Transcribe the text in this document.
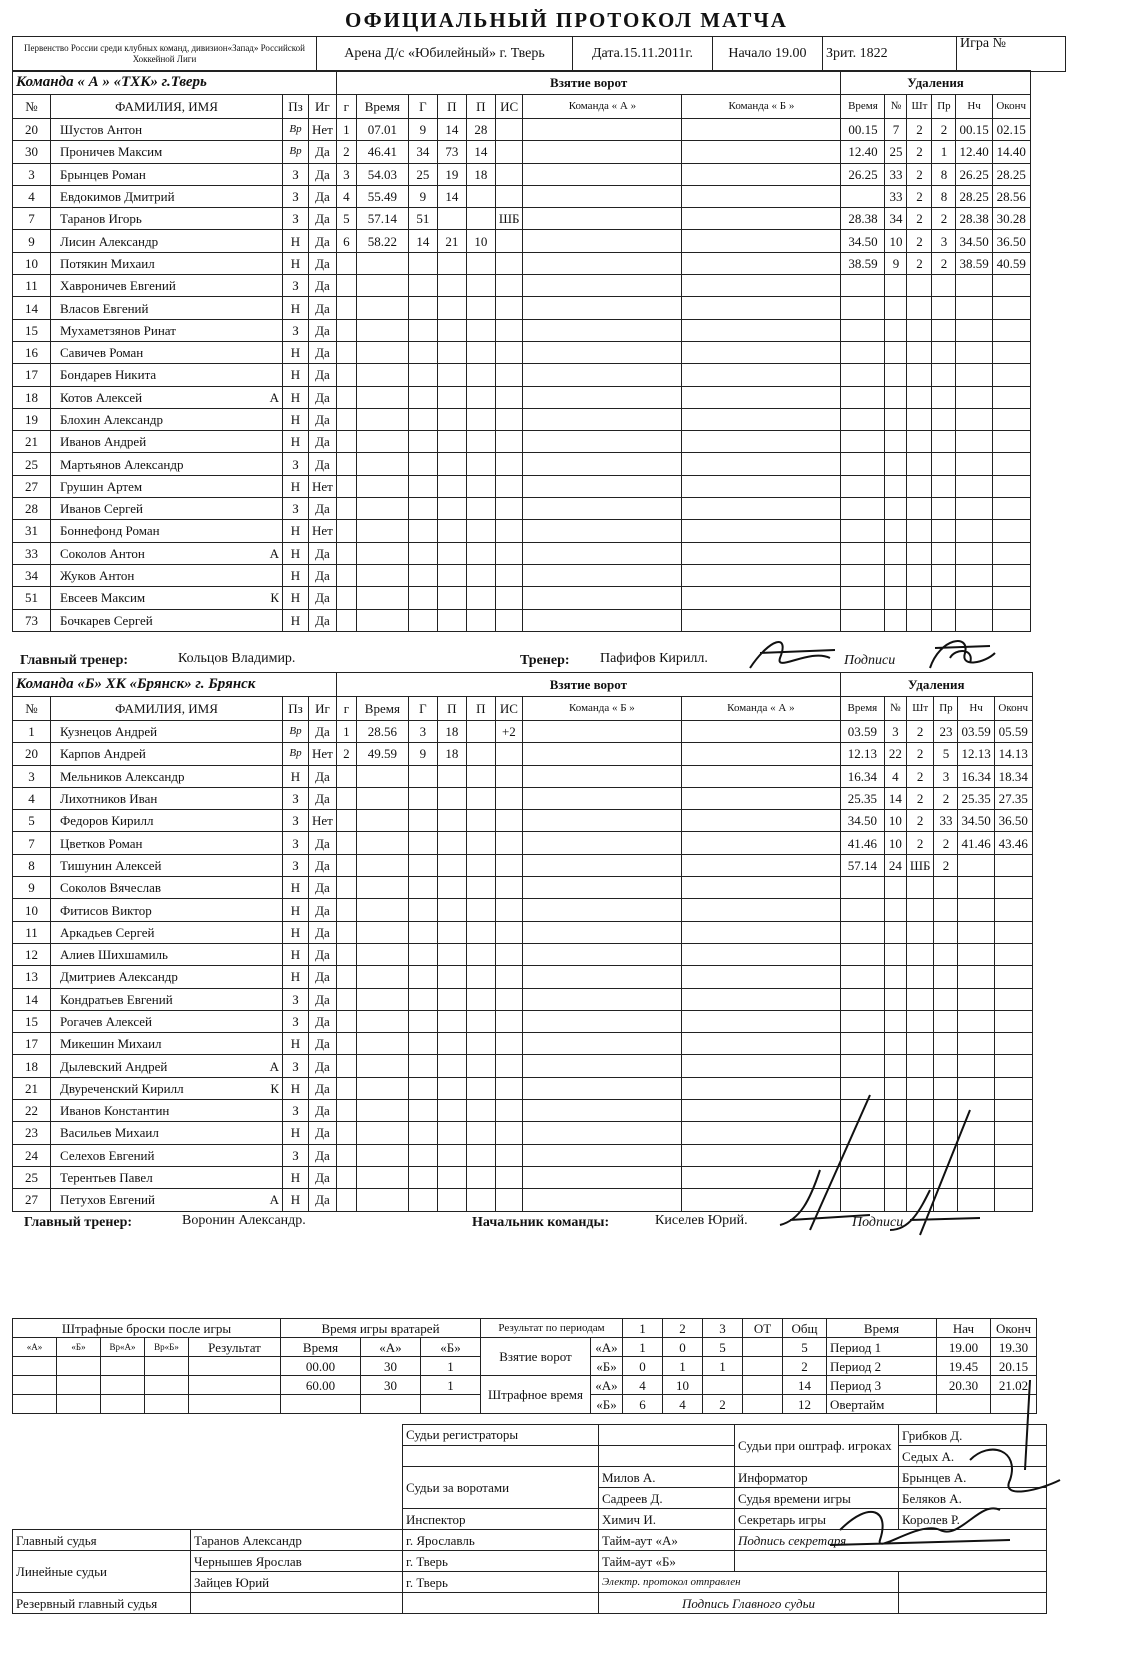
ОФИЦИАЛЬНЫЙ ПРОТОКОЛ МАТЧА
Первенство России среди клубных команд, дивизион«Запад» Российской Хоккейной Лиги	Арена Д/с «Юбилейный» г. Тверь	Дата.15.11.2011г.	Начало 19.00	Зрит. 1822	Игра №
Команда « А » «ТХК» г.Тверь				Взятие ворот								Удаления					
№	ФАМИЛИЯ, ИМЯ	Пз	Иг	г	Время	Г	П	П	ИС	Команда « А »	Команда « Б »	Время	№	Шт	Пр	Нч	Оконч
20	Шустов Антон	Вр	Нет	1	07.01	9	14	28				00.15	7	2	2	00.15	02.15
30	Проничев Максим	Вр	Да	2	46.41	34	73	14				12.40	25	2	1	12.40	14.40
3	Брынцев Роман	З	Да	3	54.03	25	19	18				26.25	33	2	8	26.25	28.25
4	Евдокимов Дмитрий	З	Да	4	55.49	9	14						33	2	8	28.25	28.56
7	Таранов Игорь	З	Да	5	57.14	51			ШБ			28.38	34	2	2	28.38	30.28
9	Лисин Александр	Н	Да	6	58.22	14	21	10				34.50	10	2	3	34.50	36.50
10	Потякин Михаил	Н	Да									38.59	9	2	2	38.59	40.59
11	Хавроничев Евгений	З	Да														
14	Власов Евгений	Н	Да														
15	Мухаметзянов Ринат	З	Да														
16	Савичев Роман	Н	Да														
17	Бондарев Никита	Н	Да														
18	Котов Алексей А	Н	Да														
19	Блохин Александр	Н	Да														
21	Иванов Андрей	Н	Да														
25	Мартьянов Александр	З	Да														
27	Грушин Артем	Н	Нет														
28	Иванов Сергей	З	Да														
31	Боннефонд Роман	Н	Нет														
33	Соколов Антон А	Н	Да														
34	Жуков Антон	Н	Да														
51	Евсеев Максим К	Н	Да														
73	Бочкарев Сергей	Н	Да														
Главный тренер:	Кольцов Владимир.	Тренер: Пафифов Кирилл.	Подписи
Команда «Б» ХК «Брянск» г. Брянск				Взятие ворот								Удаления					
№	ФАМИЛИЯ, ИМЯ	Пз	Иг	г	Время	Г	П	П	ИС	Команда « Б »	Команда « А »	Время	№	Шт	Пр	Нч	Оконч
1	Кузнецов Андрей	Вр	Да	1	28.56	3	18		+2			03.59	3	2	23	03.59	05.59
20	Карпов Андрей	Вр	Нет	2	49.59	9	18					12.13	22	2	5	12.13	14.13
3	Мельников Александр	Н	Да									16.34	4	2	3	16.34	18.34
4	Лихотников Иван	З	Да									25.35	14	2	2	25.35	27.35
5	Федоров Кирилл	З	Нет									34.50	10	2	33	34.50	36.50
7	Цветков Роман	З	Да									41.46	10	2	2	41.46	43.46
8	Тишунин Алексей	З	Да									57.14	24	ШБ	2		
9	Соколов Вячеслав	Н	Да														
10	Фитисов Виктор	Н	Да														
11	Аркадьев Сергей	Н	Да														
12	Алиев Шихшамиль	Н	Да														
13	Дмитриев Александр	Н	Да														
14	Кондратьев Евгений	З	Да														
15	Рогачев Алексей	З	Да														
17	Микешин Михаил	Н	Да														
18	Дылевский Андрей А	З	Да														
21	Двуреченский Кирилл К	Н	Да														
22	Иванов Константин	З	Да														
23	Васильев Михаил	Н	Да														
24	Селехов Евгений	З	Да														
25	Терентьев Павел	Н	Да														
27	Петухов Евгений А	Н	Да														
Главный тренер:	Воронин Александр.	Начальник команды:	Киселев Юрий.	Подписи
Штрафные броски после игры					Время игры вратарей			Результат по периодам		1	2	3	ОТ	Общ	Время	Нач	Оконч
«А»	«Б»	Вр«А»	Вр«Б»	Результат	Время	«А»	«Б»	Взятие ворот	«А»	1	0	5		5	Период 1	19.00	19.30
					00.00	30	1		«Б»	0	1	1		2	Период 2	19.45	20.15
					60.00	30	1	Штрафное время	«А»	4	10			14	Период 3	20.30	21.02
									«Б»	6	4	2		12	Овертайм		
		Судьи регистраторы		Судьи при оштраф. игроках	Грибков Д.
					Седых А.
		Судьи за воротами	Милов А.	Информатор	Брынцев А.
			Садреев Д.	Судья времени игры	Беляков А.
		Инспектор	Химич И.	Секретарь игры	Королев Р.
Главный судья	Таранов Александр	г. Ярославль	Тайм-аут «А»	Подпись секретаря	
Линейные судьи	Чернышев Ярослав	г. Тверь	Тайм-аут «Б»		
	Зайцев Юрий	г. Тверь	Электр. протокол отправлен		
Резервный главный судья			Подпись Главного судьи		
